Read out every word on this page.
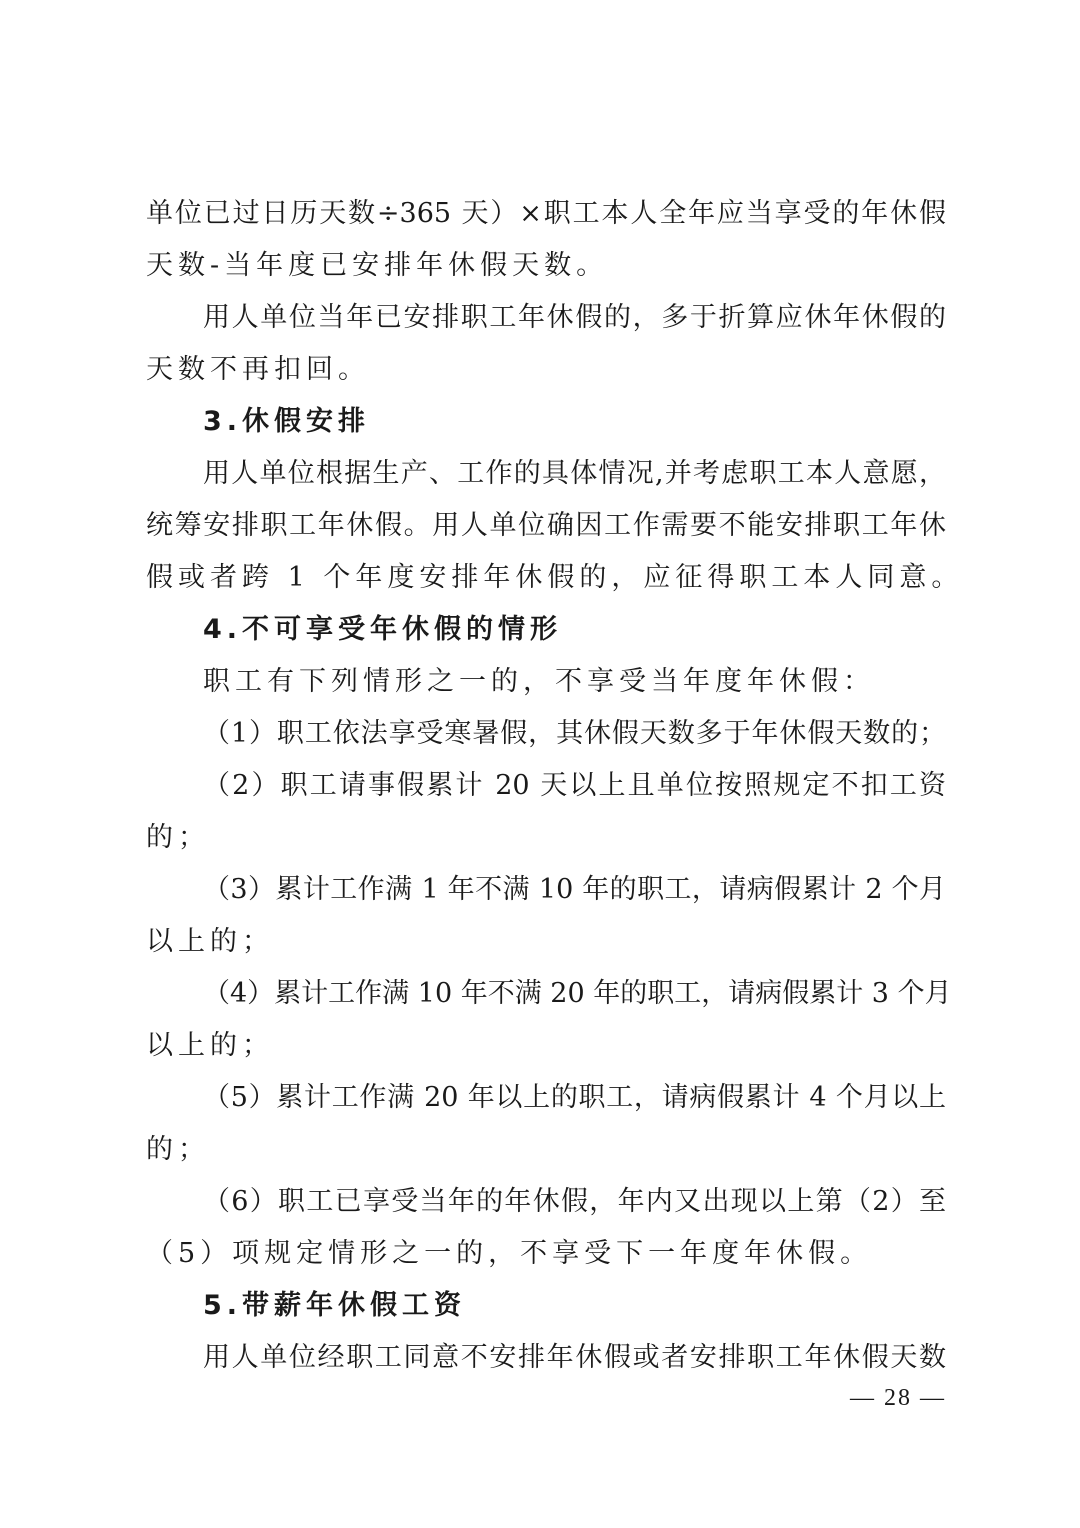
单位已过日历天数÷365 天）×职工本人全年应当享受的年休假
天数-当年度已安排年休假天数。
用人单位当年已安排职工年休假的，多于折算应休年休假的
天数不再扣回。
3.休假安排
用人单位根据生产、工作的具体情况,并考虑职工本人意愿，
统筹安排职工年休假。用人单位确因工作需要不能安排职工年休
假或者跨 1 个年度安排年休假的，应征得职工本人同意。
4.不可享受年休假的情形
职工有下列情形之一的，不享受当年度年休假：
（1）职工依法享受寒暑假，其休假天数多于年休假天数的；
（2）职工请事假累计 20 天以上且单位按照规定不扣工资
的；
（3）累计工作满 1 年不满 10 年的职工，请病假累计 2 个月
以上的；
（4）累计工作满 10 年不满 20 年的职工，请病假累计 3 个月
以上的；
（5）累计工作满 20 年以上的职工，请病假累计 4 个月以上
的；
（6）职工已享受当年的年休假，年内又出现以上第（2）至
（5）项规定情形之一的，不享受下一年度年休假。
5.带薪年休假工资
用人单位经职工同意不安排年休假或者安排职工年休假天数
— 28 —
